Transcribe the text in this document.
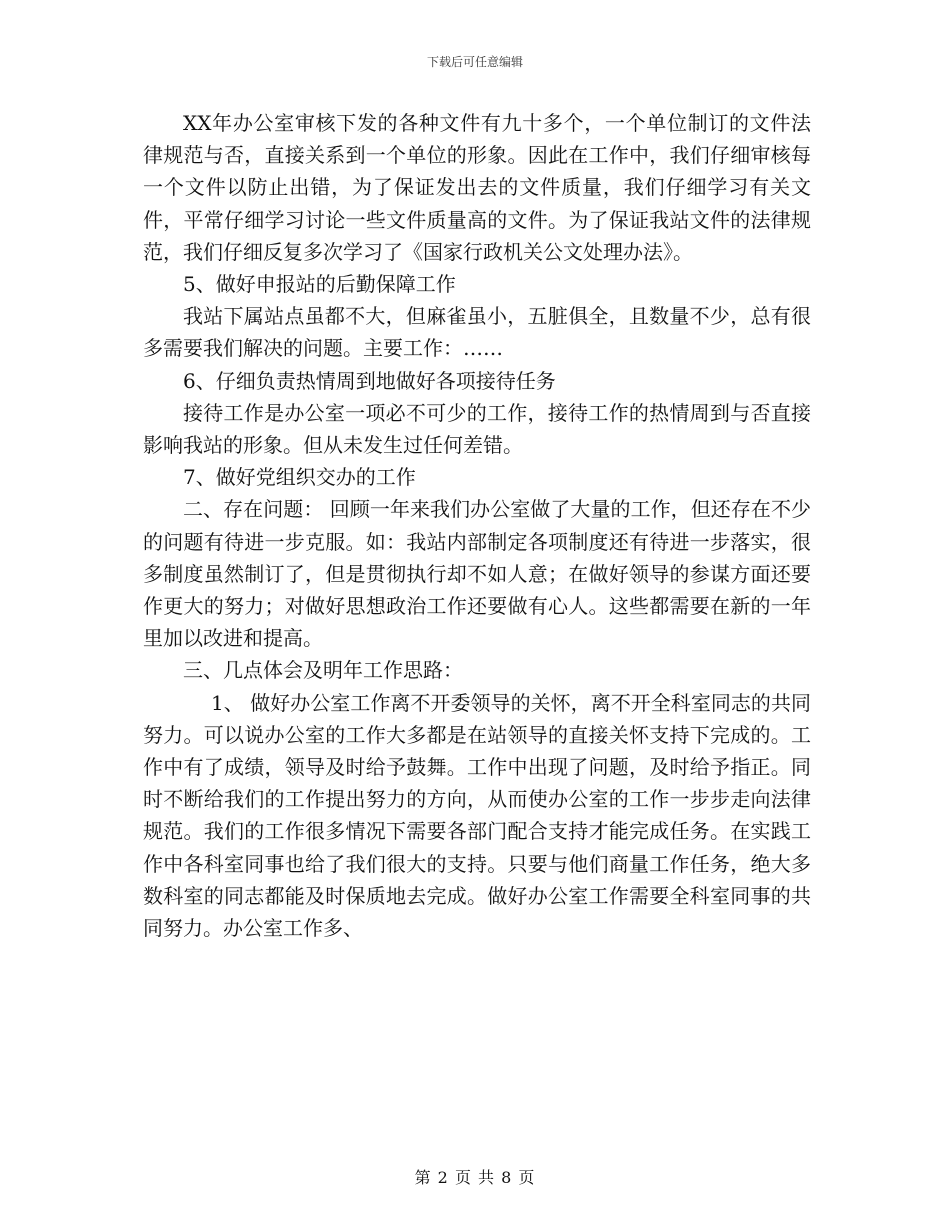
下载后可任意编辑

XX年办公室审核下发的各种文件有九十多个，一个单位制订的文件法律规范与否，直接关系到一个单位的形象。因此在工作中，我们仔细审核每一个文件以防止出错，为了保证发出去的文件质量，我们仔细学习有关文件，平常仔细学习讨论一些文件质量高的文件。为了保证我站文件的法律规范，我们仔细反复多次学习了《国家行政机关公文处理办法》。

5、做好申报站的后勤保障工作

我站下属站点虽都不大，但麻雀虽小，五脏俱全，且数量不少，总有很多需要我们解决的问题。主要工作：……

6、仔细负责热情周到地做好各项接待任务

接待工作是办公室一项必不可少的工作，接待工作的热情周到与否直接影响我站的形象。但从未发生过任何差错。

7、做好党组织交办的工作

二、存在问题： 回顾一年来我们办公室做了大量的工作，但还存在不少的问题有待进一步克服。如：我站内部制定各项制度还有待进一步落实，很多制度虽然制订了，但是贯彻执行却不如人意；在做好领导的参谋方面还要作更大的努力；对做好思想政治工作还要做有心人。这些都需要在新的一年里加以改进和提高。

三、几点体会及明年工作思路：

1、 做好办公室工作离不开委领导的关怀，离不开全科室同志的共同努力。可以说办公室的工作大多都是在站领导的直接关怀支持下完成的。工作中有了成绩，领导及时给予鼓舞。工作中出现了问题，及时给予指正。同时不断给我们的工作提出努力的方向，从而使办公室的工作一步步走向法律规范。我们的工作很多情况下需要各部门配合支持才能完成任务。在实践工作中各科室同事也给了我们很大的支持。只要与他们商量工作任务，绝大多数科室的同志都能及时保质地去完成。做好办公室工作需要全科室同事的共同努力。办公室工作多、

第 2 页 共 8 页
